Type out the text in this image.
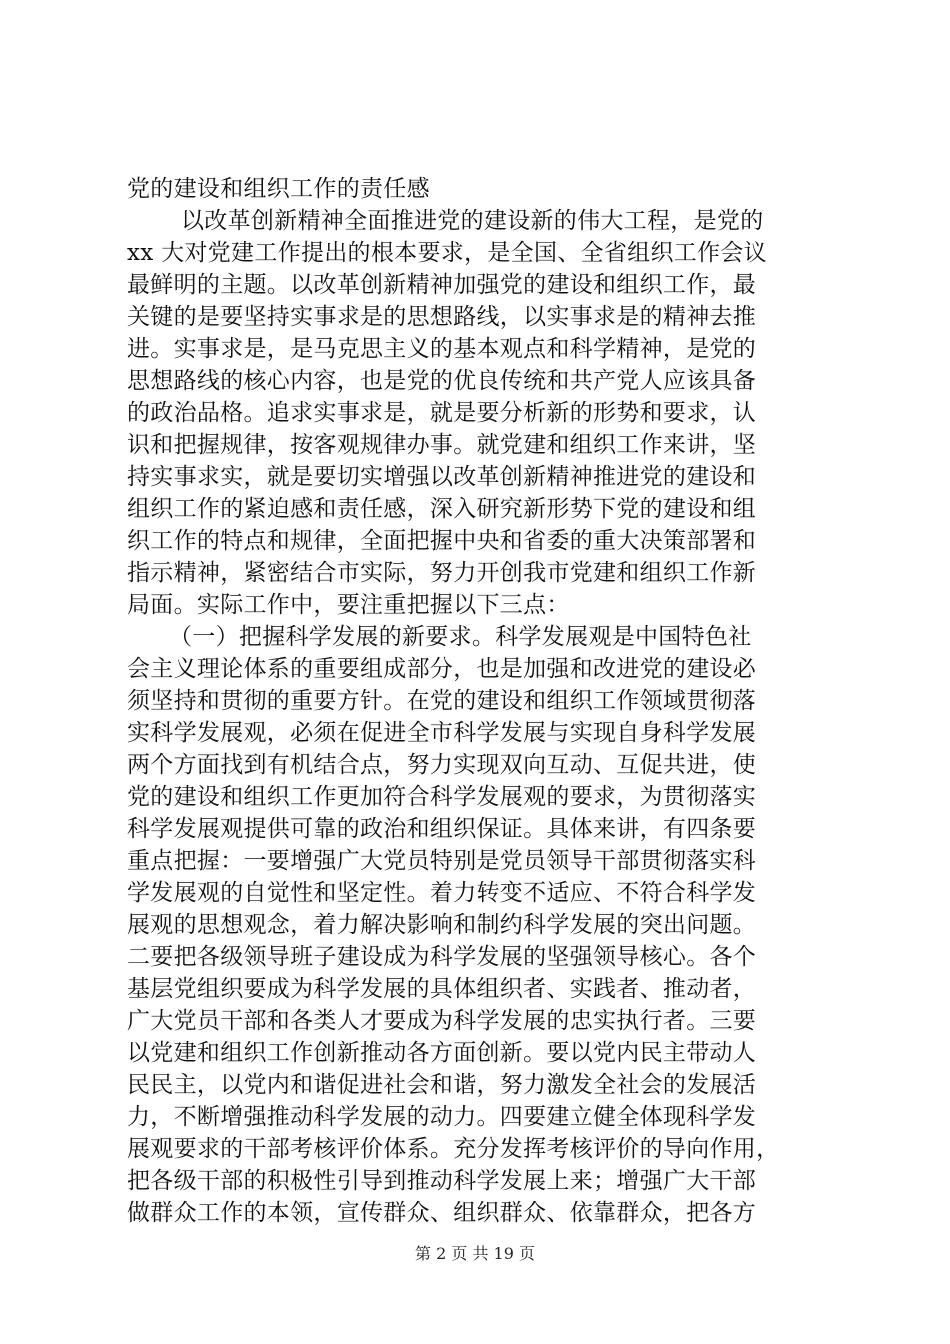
党的建设和组织工作的责任感
以改革创新精神全面推进党的建设新的伟大工程，是党的
xx 大对党建工作提出的根本要求，是全国、全省组织工作会议
最鲜明的主题。以改革创新精神加强党的建设和组织工作，最
关键的是要坚持实事求是的思想路线，以实事求是的精神去推
进。实事求是，是马克思主义的基本观点和科学精神，是党的
思想路线的核心内容，也是党的优良传统和共产党人应该具备
的政治品格。追求实事求是，就是要分析新的形势和要求，认
识和把握规律，按客观规律办事。就党建和组织工作来讲，坚
持实事求实，就是要切实增强以改革创新精神推进党的建设和
组织工作的紧迫感和责任感，深入研究新形势下党的建设和组
织工作的特点和规律，全面把握中央和省委的重大决策部署和
指示精神，紧密结合市实际，努力开创我市党建和组织工作新
局面。实际工作中，要注重把握以下三点：
（一）把握科学发展的新要求。科学发展观是中国特色社
会主义理论体系的重要组成部分，也是加强和改进党的建设必
须坚持和贯彻的重要方针。在党的建设和组织工作领域贯彻落
实科学发展观，必须在促进全市科学发展与实现自身科学发展
两个方面找到有机结合点，努力实现双向互动、互促共进，使
党的建设和组织工作更加符合科学发展观的要求，为贯彻落实
科学发展观提供可靠的政治和组织保证。具体来讲，有四条要
重点把握：一要增强广大党员特别是党员领导干部贯彻落实科
学发展观的自觉性和坚定性。着力转变不适应、不符合科学发
展观的思想观念，着力解决影响和制约科学发展的突出问题。
二要把各级领导班子建设成为科学发展的坚强领导核心。各个
基层党组织要成为科学发展的具体组织者、实践者、推动者，
广大党员干部和各类人才要成为科学发展的忠实执行者。三要
以党建和组织工作创新推动各方面创新。要以党内民主带动人
民民主，以党内和谐促进社会和谐，努力激发全社会的发展活
力，不断增强推动科学发展的动力。四要建立健全体现科学发
展观要求的干部考核评价体系。充分发挥考核评价的导向作用，
把各级干部的积极性引导到推动科学发展上来；增强广大干部
做群众工作的本领，宣传群众、组织群众、依靠群众，把各方
第 2 页 共 19 页
